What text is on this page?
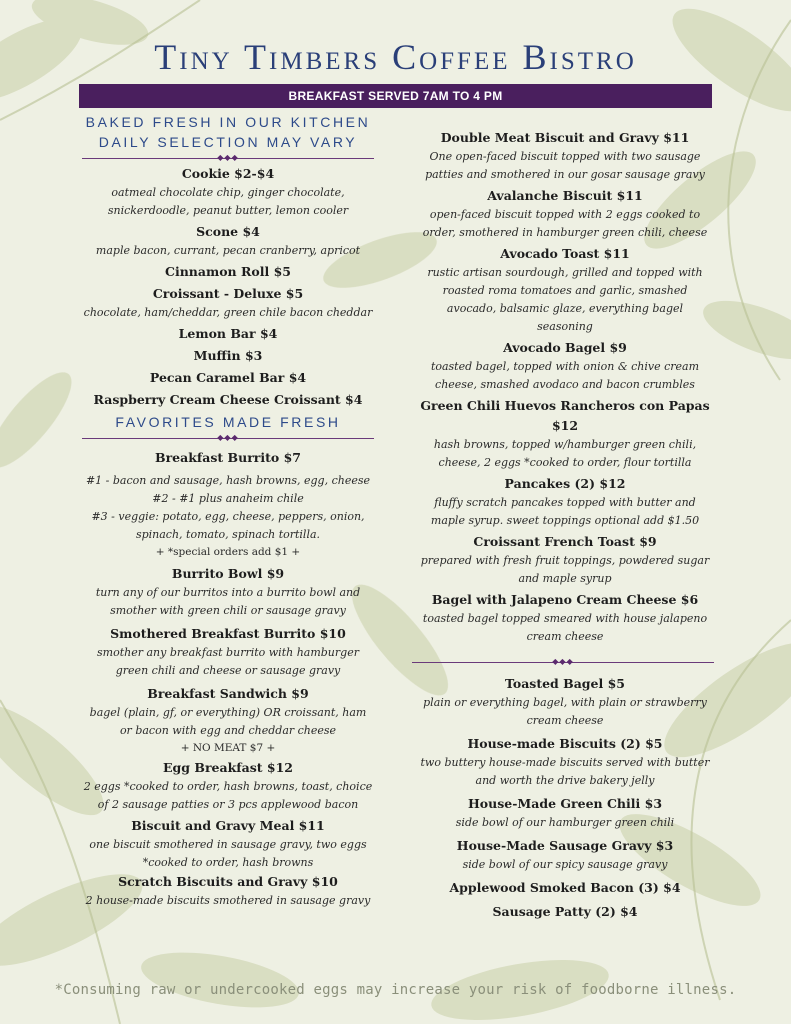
Tiny Timbers Coffee Bistro
BREAKFAST SERVED 7AM TO 4 PM
BAKED FRESH IN OUR KITCHEN
DAILY SELECTION MAY VARY
◆◆◆
Cookie $2-$4
oatmeal chocolate chip, ginger chocolate,
snickerdoodle, peanut butter, lemon cooler
Scone $4
maple bacon, currant, pecan cranberry, apricot
Cinnamon Roll $5
Croissant - Deluxe $5
chocolate, ham/cheddar, green chile bacon cheddar
Lemon Bar $4
Muffin $3
Pecan Caramel Bar $4
Raspberry Cream Cheese Croissant $4
FAVORITES MADE FRESH
◆◆◆
Breakfast Burrito $7
#1 - bacon and sausage, hash browns, egg, cheese
#2 - #1 plus anaheim chile
#3 - veggie: potato, egg, cheese, peppers, onion,
spinach, tomato, spinach tortilla.
+ *special orders add $1 +
Burrito Bowl $9
turn any of our burritos into a burrito bowl and
smother with green chili or sausage gravy
Smothered Breakfast Burrito $10
smother any breakfast burrito with hamburger
green chili and cheese or sausage gravy
Breakfast Sandwich $9
bagel (plain, gf, or everything) OR croissant, ham
or bacon with egg and cheddar cheese
+ NO MEAT $7 +
Egg Breakfast $12
2 eggs *cooked to order, hash browns, toast, choice
of 2 sausage patties or 3 pcs applewood bacon
Biscuit and Gravy Meal $11
one biscuit smothered in sausage gravy, two eggs
*cooked to order, hash browns
Scratch Biscuits and Gravy $10
2 house-made biscuits smothered in sausage gravy
Double Meat Biscuit and Gravy $11
One open-faced biscuit topped with two sausage
patties and smothered in our gosar sausage gravy
Avalanche Biscuit $11
open-faced biscuit topped with 2 eggs cooked to
order, smothered in hamburger green chili, cheese
Avocado Toast $11
rustic artisan sourdough, grilled and topped with
roasted roma tomatoes and garlic, smashed
avocado, balsamic glaze, everything bagel
seasoning
Avocado Bagel $9
toasted bagel, topped with onion & chive cream
cheese, smashed avodaco and bacon crumbles
Green Chili Huevos Rancheros con Papas
$12
hash browns, topped w/hamburger green chili,
cheese, 2 eggs *cooked to order, flour tortilla
Pancakes (2) $12
fluffy scratch pancakes topped with butter and
maple syrup. sweet toppings optional add $1.50
Croissant French Toast $9
prepared with fresh fruit toppings, powdered sugar
and maple syrup
Bagel with Jalapeno Cream Cheese $6
toasted bagel topped smeared with house jalapeno
cream cheese
◆◆◆
Toasted Bagel $5
plain or everything bagel, with plain or strawberry
cream cheese
House-made Biscuits (2) $5
two buttery house-made biscuits served with butter
and worth the drive bakery jelly
House-Made Green Chili $3
side bowl of our hamburger green chili
House-Made Sausage Gravy $3
side bowl of our spicy sausage gravy
Applewood Smoked Bacon (3) $4
Sausage Patty (2) $4
*Consuming raw or undercooked eggs may increase your risk of foodborne illness.
